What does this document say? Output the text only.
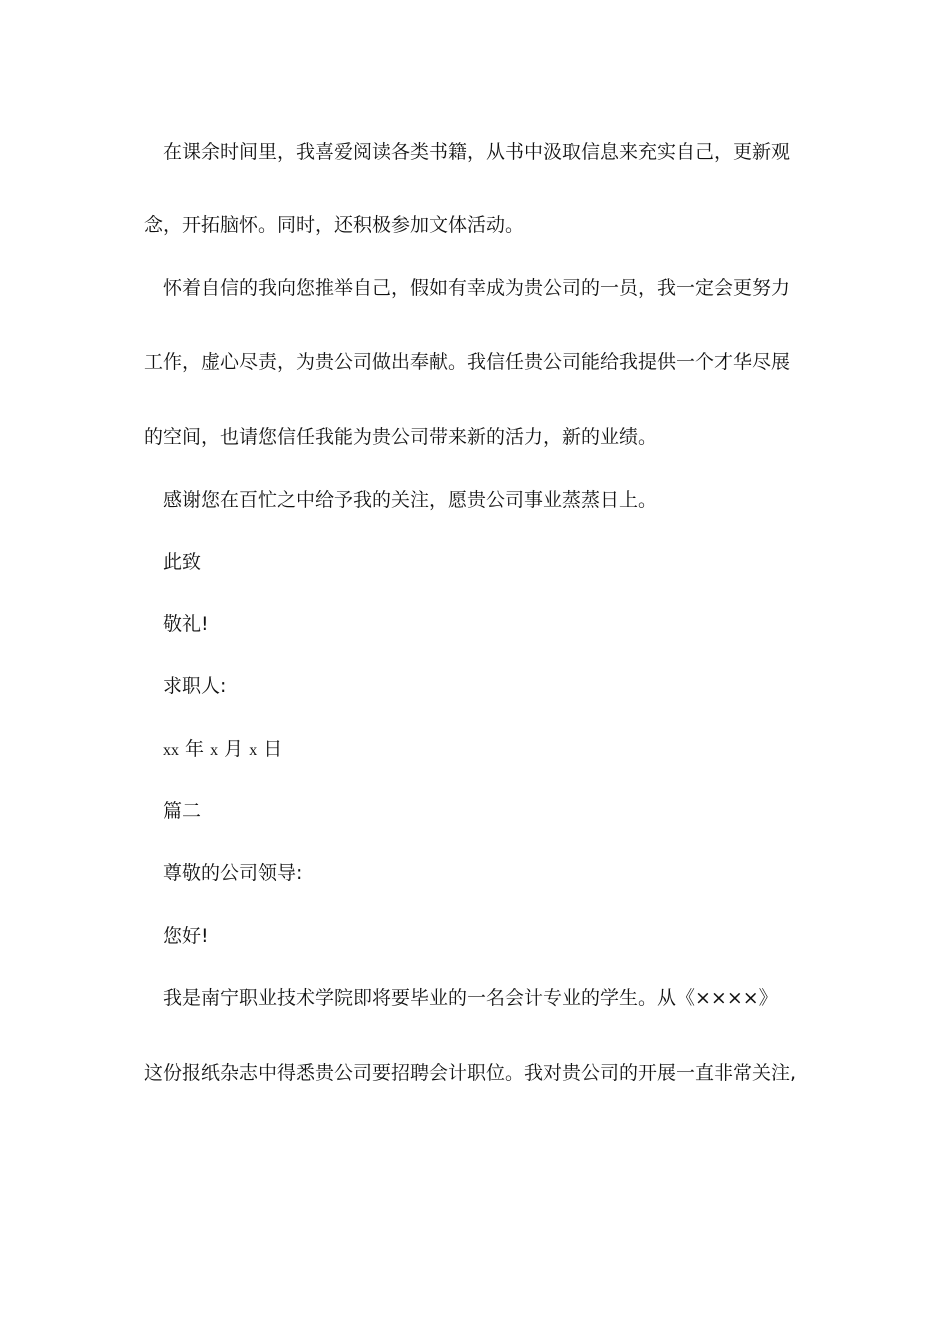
在课余时间里，我喜爱阅读各类书籍，从书中汲取信息来充实自己，更新观
念，开拓脑怀。同时，还积极参加文体活动。
怀着自信的我向您推举自己，假如有幸成为贵公司的一员，我一定会更努力
工作，虚心尽责，为贵公司做出奉献。我信任贵公司能给我提供一个才华尽展
的空间，也请您信任我能为贵公司带来新的活力，新的业绩。
感谢您在百忙之中给予我的关注，愿贵公司事业蒸蒸日上。
此致
敬礼!
求职人:
xx 年 x 月 x 日
篇二
尊敬的公司领导:
您好!
我是南宁职业技术学院即将要毕业的一名会计专业的学生。从《××××》
这份报纸杂志中得悉贵公司要招聘会计职位。我对贵公司的开展一直非常关注,
